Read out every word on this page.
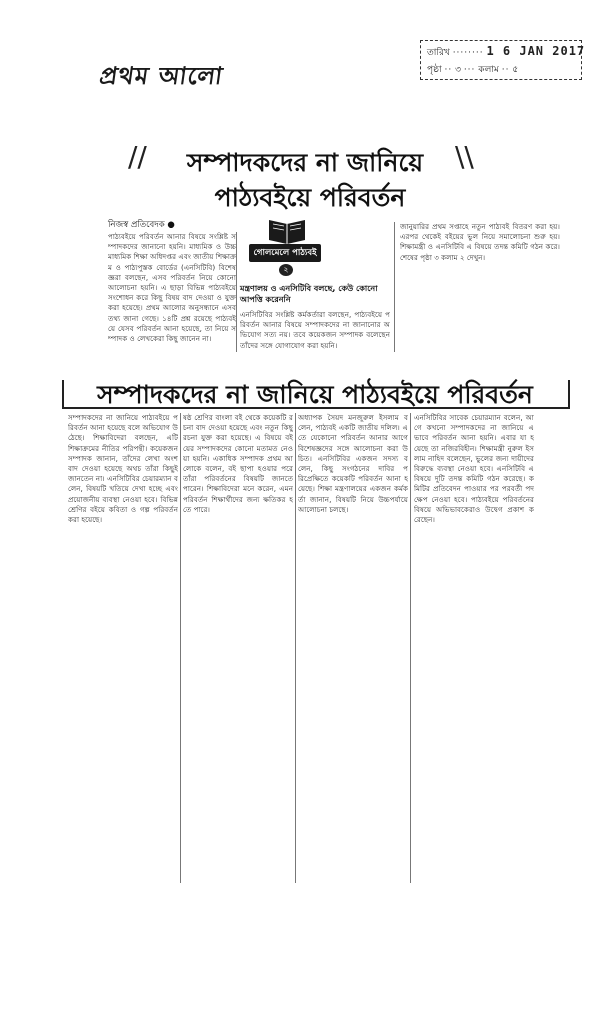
প্রথম আলো
তারিখ ········ 1 6 JAN 2017
পৃষ্ঠা ·· ৩ ··· কলাম ·· ৫
//	সম্পাদকদের না জানিয়ে	\\
পাঠ্যবইয়ে পরিবর্তন
নিজস্ব প্রতিবেদক ●
পাঠ্যবইয়ে পরিবর্তন আনার বিষয়ে সংশ্লিষ্ট সম্পাদকদের জানানো হয়নি। মাধ্যমিক ও উচ্চমাধ্যমিক শিক্ষা অধিদপ্তর এবং জাতীয় শিক্ষাক্রম ও পাঠ্যপুস্তক বোর্ডের (এনসিটিবি) বিশেষজ্ঞরা বলছেন, এসব পরিবর্তন নিয়ে কোনো আলোচনা হয়নি। এ ছাড়া বিভিন্ন পাঠ্যবইয়ে সংশোধন করে কিছু বিষয় বাদ দেওয়া ও যুক্ত করা হয়েছে। প্রথম আলোর অনুসন্ধানে এসব তথ্য জানা গেছে। ১৪টি প্রশ্ন রয়েছে পাঠ্যবইয়ে যেসব পরিবর্তন আনা হয়েছে, তা নিয়ে সম্পাদক ও লেখকেরা কিছু জানেন না।
গোলমেলে পাঠ্যবই
২
মন্ত্রণালয় ও এনসিটিবি বলছে, কেউ কোনো আপত্তি করেননি
এনসিটিবির সংশ্লিষ্ট কর্মকর্তারা বলছেন, পাঠ্যবইয়ে পরিবর্তন আনার বিষয়ে সম্পাদকদের না জানানোর অভিযোগ সত্য নয়। তবে কয়েকজন সম্পাদক বলেছেন তাঁদের সঙ্গে যোগাযোগ করা হয়নি।
জানুয়ারির প্রথম সপ্তাহে নতুন পাঠ্যবই বিতরণ করা হয়। এরপর থেকেই বইয়ের ভুল নিয়ে সমালোচনা শুরু হয়। শিক্ষামন্ত্রী ও এনসিটিবি এ বিষয়ে তদন্ত কমিটি গঠন করে। শেষের পৃষ্ঠা ৩ কলাম ২ দেখুন।
সম্পাদকদের না জানিয়ে পাঠ্যবইয়ে পরিবর্তন
সম্পাদকদের না জানিয়ে পাঠ্যবইয়ে পরিবর্তন আনা হয়েছে বলে অভিযোগ উঠেছে। শিক্ষাবিদেরা বলছেন, এটি শিক্ষাক্রমের নীতির পরিপন্থী। কয়েকজন সম্পাদক জানান, তাঁদের লেখা অংশ বাদ দেওয়া হয়েছে অথচ তাঁরা কিছুই জানতেন না। এনসিটিবির চেয়ারম্যান বলেন, বিষয়টি খতিয়ে দেখা হচ্ছে এবং প্রয়োজনীয় ব্যবস্থা নেওয়া হবে। বিভিন্ন শ্রেণির বইয়ে কবিতা ও গল্প পরিবর্তন করা হয়েছে।
ষষ্ঠ শ্রেণির বাংলা বই থেকে কয়েকটি রচনা বাদ দেওয়া হয়েছে এবং নতুন কিছু রচনা যুক্ত করা হয়েছে। এ বিষয়ে বইয়ের সম্পাদকদের কোনো মতামত নেওয়া হয়নি। একাধিক সম্পাদক প্রথম আলোকে বলেন, বই ছাপা হওয়ার পরে তাঁরা পরিবর্তনের বিষয়টি জানতে পারেন। শিক্ষাবিদেরা মনে করেন, এমন পরিবর্তন শিক্ষার্থীদের জন্য ক্ষতিকর হতে পারে।
অধ্যাপক সৈয়দ মনজুরুল ইসলাম বলেন, পাঠ্যবই একটি জাতীয় দলিল। এতে যেকোনো পরিবর্তন আনার আগে বিশেষজ্ঞদের সঙ্গে আলোচনা করা উচিত। এনসিটিবির একজন সদস্য বলেন, কিছু সংগঠনের দাবির পরিপ্রেক্ষিতে কয়েকটি পরিবর্তন আনা হয়েছে। শিক্ষা মন্ত্রণালয়ের একজন কর্মকর্তা জানান, বিষয়টি নিয়ে উচ্চপর্যায়ে আলোচনা চলছে।
এনসিটিবির সাবেক চেয়ারম্যান বলেন, আগে কখনো সম্পাদকদের না জানিয়ে এভাবে পরিবর্তন আনা হয়নি। এবার যা হয়েছে তা নজিরবিহীন। শিক্ষামন্ত্রী নুরুল ইসলাম নাহিদ বলেছেন, ভুলের জন্য দায়ীদের বিরুদ্ধে ব্যবস্থা নেওয়া হবে। এনসিটিবি এ বিষয়ে দুটি তদন্ত কমিটি গঠন করেছে। কমিটির প্রতিবেদন পাওয়ার পর পরবর্তী পদক্ষেপ নেওয়া হবে। পাঠ্যবইয়ে পরিবর্তনের বিষয়ে অভিভাবকেরাও উদ্বেগ প্রকাশ করেছেন।
